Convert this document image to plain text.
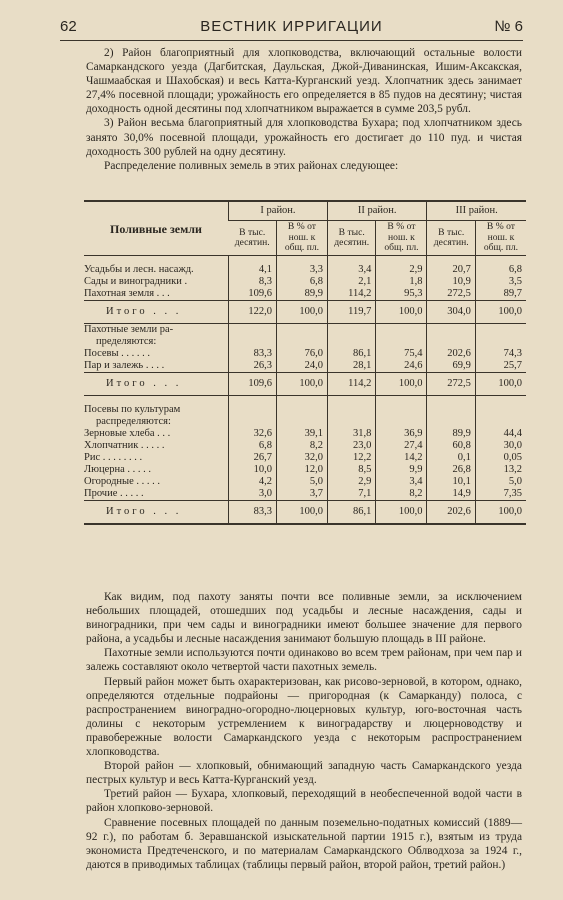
62	ВЕСТНИК ИРРИГАЦИИ	№ 6

2) Район благоприятный для хлопководства, включающий остальные волости Самаркандского уезда (Дагбитская, Даульская, Джой-Диванинская, Ишим-Аксакская, Чашмаабская и Шахобская) и весь Катта-Курганский уезд. Хлопчатник здесь занимает 27,4% посевной площади; урожайность его определяется в 85 пудов на десятину; чистая доходность одной десятины под хлопчатником выражается в сумме 203,5 рубл.

3) Район весьма благоприятный для хлопководства Бухара; под хлопчатником здесь занято 30,0% посевной площади, урожайность его достигает до 110 пуд. и чистая доходность 300 рублей на одну десятину.

Распределение поливных земель в этих районах следующее:

Поливные земли	I район.		II район.		III район.	
	В тыс. десятин.	В % от нош. к общ. пл.	В тыс. десятин.	В % от нош. к общ. пл.	В тыс. десятин.	В % от нош. к общ. пл.

Усадьбы и лесн. насажд.	4,1	3,3	3,4	2,9	20,7	6,8
Сады и виноградники .	8,3	6,8	2,1	1,8	10,9	3,5
Пахотная земля . . .	109,6	89,9	114,2	95,3	272,5	89,7
Итого . . .	122,0	100,0	119,7	100,0	304,0	100,0
Пахотные земли ра-						
пределяются:						
Посевы . . . . . .	83,3	76,0	86,1	75,4	202,6	74,3
Пар и залежь . . . .	26,3	24,0	28,1	24,6	69,9	25,7
Итого . . .	109,6	100,0	114,2	100,0	272,5	100,0

Посевы по культурам						
распределяются:						
Зерновые хлеба . . .	32,6	39,1	31,8	36,9	89,9	44,4
Хлопчатник . . . . .	6,8	8,2	23,0	27,4	60,8	30,0
Рис . . . . . . . .	26,7	32,0	12,2	14,2	0,1	0,05
Люцерна . . . . .	10,0	12,0	8,5	9,9	26,8	13,2
Огородные . . . . .	4,2	5,0	2,9	3,4	10,1	5,0
Прочие . . . . .	3,0	3,7	7,1	8,2	14,9	7,35
Итого . . .	83,3	100,0	86,1	100,0	202,6	100,0

Как видим, под пахоту заняты почти все поливные земли, за исключением небольших площадей, отошедших под усадьбы и лесные насаждения, сады и виноградники, при чем сады и виноградники имеют большее значение для первого района, а усадьбы и лесные насаждения занимают большую площадь в III районе.

Пахотные земли используются почти одинаково во всем трем районам, при чем пар и залежь составляют около четвертой части пахотных земель.

Первый район может быть охарактеризован, как рисово-зерновой, в котором, однако, определяются отдельные подрайоны — пригородная (к Самарканду) полоса, с распространением виноградно-огородно-люцерновых культур, юго-восточная часть долины с некоторым устремлением к виноградарству и люцерноводству и правобережные волости Самаркандского уезда с некоторым распространением хлопководства.

Второй район — хлопковый, обнимающий западную часть Самаркандского уезда пестрых культур и весь Катта-Курганский уезд.

Третий район — Бухара, хлопковый, переходящий в необеспеченной водой части в район хлопково-зерновой.

Сравнение посевных площадей по данным поземельно-податных комиссий (1889—92 г.), по работам б. Зеравшанской изыскательной партии 1915 г.), взятым из труда экономиста Предтеченского, и по материалам Самаркандского Облводхоза за 1924 г., даются в приводимых таблицах (таблицы первый район, второй район, третий район.)
